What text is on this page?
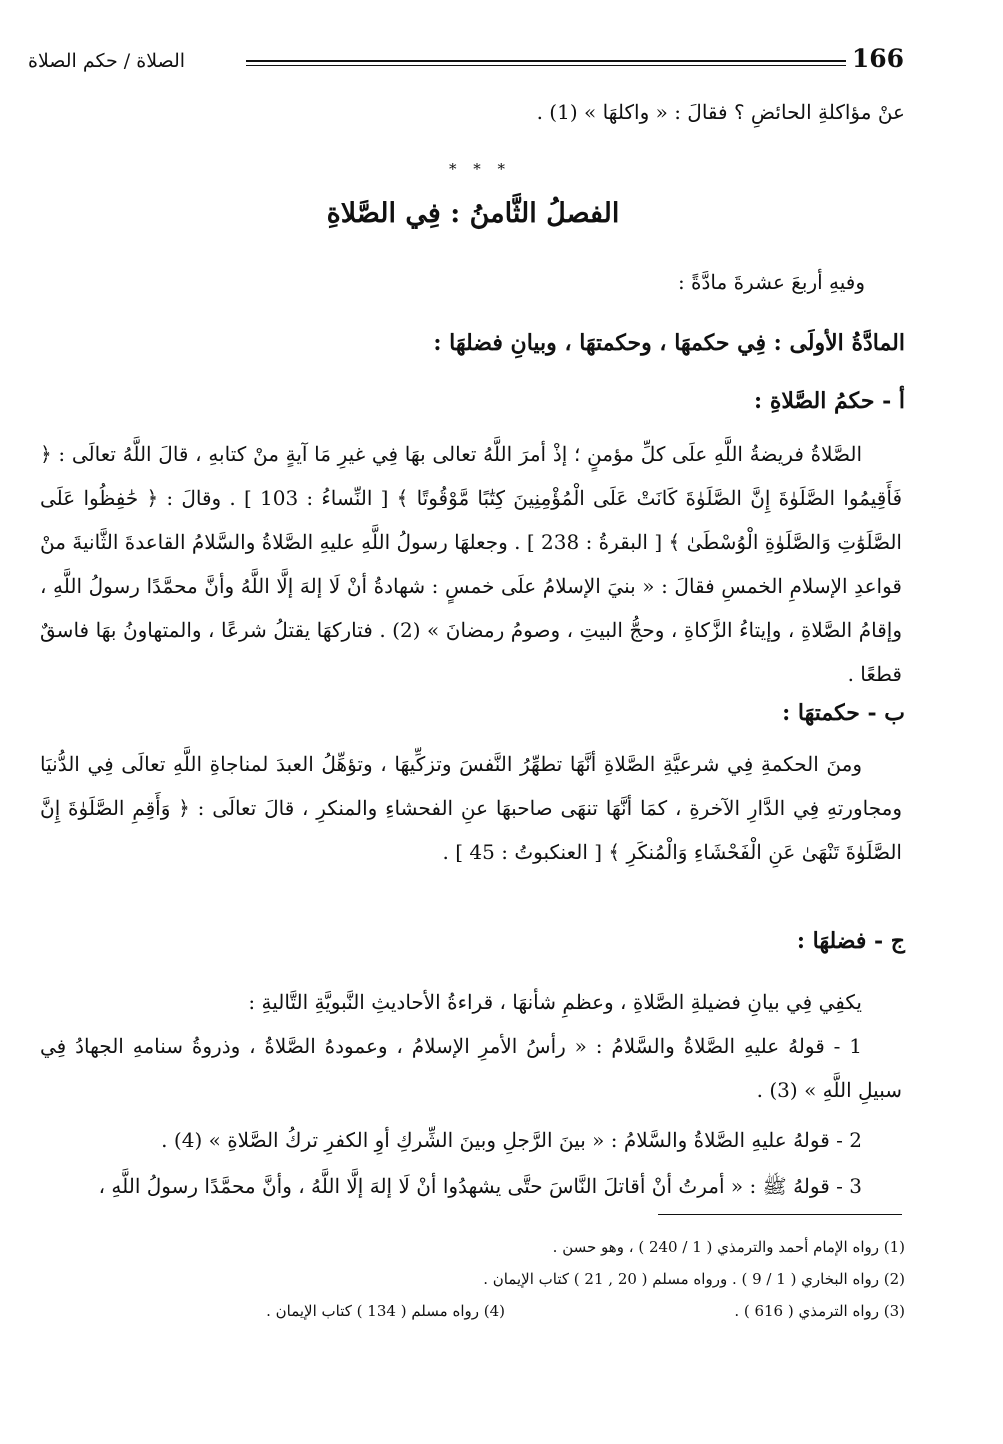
166
الصلاة / حكم الصلاة
عنْ مؤاكلةِ الحائضِ ؟ فقالَ : « واكلهَا » (1) .
* * *
الفصلُ الثَّامنُ : فِي الصَّلاةِ
وفيهِ أربعَ عشرةَ مادَّةً :
المادَّةُ الأولَى : فِي حكمهَا ، وحكمتهَا ، وبيانِ فضلهَا :
أ - حكمُ الصَّلاةِ :
الصَّلاةُ فريضةُ اللَّهِ علَى كلِّ مؤمنٍ ؛ إذْ أمرَ اللَّهُ تعالى بهَا فِي غيرِ مَا آيةٍ منْ كتابهِ ، قالَ اللَّهُ تعالَى : ﴿ فَأَقِيمُوا الصَّلَوٰةَ إِنَّ الصَّلَوٰةَ كَانَتْ عَلَى الْمُؤْمِنِينَ كِتَٰبًا مَّوْقُوتًا ﴾ [ النِّساءُ : 103 ] . وقالَ : ﴿ حَٰفِظُوا عَلَى الصَّلَوَٰتِ وَالصَّلَوٰةِ الْوُسْطَىٰ ﴾ [ البقرةُ : 238 ] . وجعلهَا رسولُ اللَّهِ عليهِ الصَّلاةُ والسَّلامُ القاعدةَ الثَّانيةَ منْ قواعدِ الإسلامِ الخمسِ فقالَ : « بنيَ الإسلامُ علَى خمسٍ : شهادةُ أنْ لَا إلهَ إلَّا اللَّهُ وأنَّ محمَّدًا رسولُ اللَّهِ ، وإقامُ الصَّلاةِ ، وإيتاءُ الزَّكاةِ ، وحجُّ البيتِ ، وصومُ رمضانَ » (2) . فتاركهَا يقتلُ شرعًا ، والمتهاونُ بهَا فاسقٌ قطعًا .
ب - حكمتهَا :
ومنَ الحكمةِ فِي شرعيَّةِ الصَّلاةِ أنَّهَا تطهِّرُ النَّفسَ وتزكِّيهَا ، وتؤهِّلُ العبدَ لمناجاةِ اللَّهِ تعالَى فِي الدُّنيَا ومجاورتهِ فِي الدَّارِ الآخرةِ ، كمَا أنَّهَا تنهَى صاحبهَا عنِ الفحشاءِ والمنكرِ ، قالَ تعالَى : ﴿ وَأَقِمِ الصَّلَوٰةَ إِنَّ الصَّلَوٰةَ تَنْهَىٰ عَنِ الْفَحْشَاءِ وَالْمُنكَرِ ﴾ [ العنكبوتُ : 45 ] .
ج - فضلهَا :
يكفِي فِي بيانِ فضيلةِ الصَّلاةِ ، وعظمِ شأنهَا ، قراءةُ الأحاديثِ النَّبويَّةِ التَّاليةِ :
1 - قولهُ عليهِ الصَّلاةُ والسَّلامُ : « رأسُ الأمرِ الإسلامُ ، وعمودهُ الصَّلاةُ ، وذروةُ سنامهِ الجهادُ فِي سبيلِ اللَّهِ » (3) .
2 - قولهُ عليهِ الصَّلاةُ والسَّلامُ : « بينَ الرَّجلِ وبينَ الشِّركِ أوِ الكفرِ تركُ الصَّلاةِ » (4) .
3 - قولهُ ﷺ : « أمرتُ أنْ أقاتلَ النَّاسَ حتَّى يشهدُوا أنْ لَا إلهَ إلَّا اللَّهُ ، وأنَّ محمَّدًا رسولُ اللَّهِ ،
(1) رواه الإمام أحمد والترمذي ( 1 / 240 ) ، وهو حسن .
(2) رواه البخاري ( 1 / 9 ) . ورواه مسلم ( 20 , 21 ) كتاب الإيمان .
(3) رواه الترمذي ( 616 ) .
(4) رواه مسلم ( 134 ) كتاب الإيمان .
